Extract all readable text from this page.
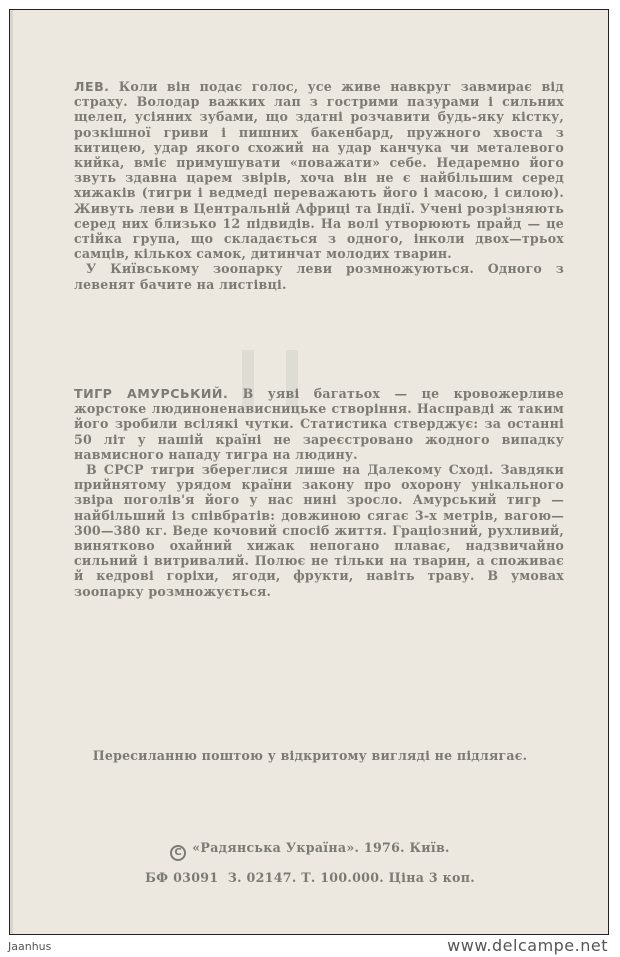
ЛЕВ. Коли він подає голос, усе живе навкруг завмирає від страху. Володар важких лап з гострими пазурами і сильних щелеп, усіяних зубами, що здатні розчавити будь-яку кістку, розкішної гриви і пишних бакенбард, пружного хвоста з китицею, удар якого схожий на удар канчука чи металевого кийка, вміє примушувати «поважати» себе. Недаремно його звуть здавна царем звірів, хоча він не є найбільшим серед хижаків (тигри і ведмеді переважають його і масою, і силою). Живуть леви в Центральній Африці та Індії. Учені розрізняють серед них близько 12 підвидів. На волі утворюють прайд — це стійка група, що складається з одного, інколи двох—трьох самців, кількох самок, дитинчат молодих тварин.

У Київському зоопарку леви розмножуються. Одного з левенят бачите на листівці.

ТИГР АМУРСЬКИЙ. В уяві багатьох — це кровожерливе жорстоке людиноненависницьке створіння. Насправді ж таким його зробили всілякі чутки. Статистика стверджує: за останні 50 літ у нашій країні не зареєстровано жодного випадку навмисного нападу тигра на людину.

В СРСР тигри збереглися лише на Далекому Сході. Завдяки прийнятому урядом країни закону про охорону унікального звіра поголів'я його у нас нині зросло. Амурський тигр — найбільший із співбратів: довжиною сягає 3-х метрів, вагою—300—380 кг. Веде кочовий спосіб життя. Граціозний, рухливий, винятково охайний хижак непогано плаває, надзвичайно сильний і витривалий. Полює не тільки на тварин, а споживає й кедрові горіхи, ягоди, фрукти, навіть траву. В умовах зоопарку розмножується.

Пересиланню поштою у відкритому вигляді не підлягає.
C «Радянська Україна». 1976. Київ.
БФ 03091  З. 02147. Т. 100.000. Ціна 3 коп.
Jaanhus	www.delcampe.net
